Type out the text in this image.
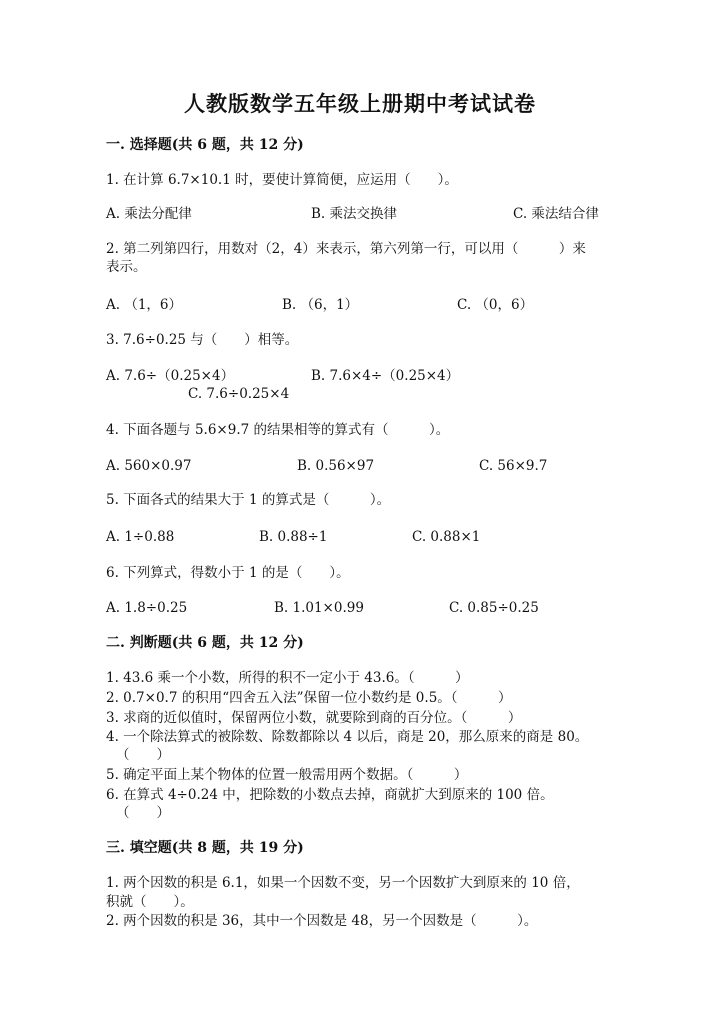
人教版数学五年级上册期中考试试卷
一. 选择题(共 6 题，共 12 分)
1. 在计算 6.7×10.1 时，要使计算简便，应运用（　　）。
A. 乘法分配律	B. 乘法交换律	C. 乘法结合律
2. 第二列第四行，用数对（2，4）来表示，第六列第一行，可以用（　　　）来
表示。
A. （1，6）	B. （6，1）	C. （0，6）
3. 7.6÷0.25 与（　　）相等。
A. 7.6÷（0.25×4）	B. 7.6×4÷（0.25×4）
C. 7.6÷0.25×4
4. 下面各题与 5.6×9.7 的结果相等的算式有（　　　）。
A. 560×0.97	B. 0.56×97	C. 56×9.7
5. 下面各式的结果大于 1 的算式是（　　　）。
A. 1÷0.88	B. 0.88÷1	C. 0.88×1
6. 下列算式，得数小于 1 的是（　　）。
A. 1.8÷0.25	B. 1.01×0.99	C. 0.85÷0.25
二. 判断题(共 6 题，共 12 分)
1. 43.6 乘一个小数，所得的积不一定小于 43.6。（　　　）
2. 0.7×0.7 的积用“四舍五入法”保留一位小数约是 0.5。（　　　）
3. 求商的近似值时，保留两位小数，就要除到商的百分位。（　　　）
4. 一个除法算式的被除数、除数都除以 4 以后，商是 20，那么原来的商是 80。
（　　）
5. 确定平面上某个物体的位置一般需用两个数据。（　　　）
6. 在算式 4÷0.24 中，把除数的小数点去掉，商就扩大到原来的 100 倍。
（　　）
三. 填空题(共 8 题，共 19 分)
1. 两个因数的积是 6.1，如果一个因数不变，另一个因数扩大到原来的 10 倍，
积就（　　）。
2. 两个因数的积是 36，其中一个因数是 48，另一个因数是（　　　）。
